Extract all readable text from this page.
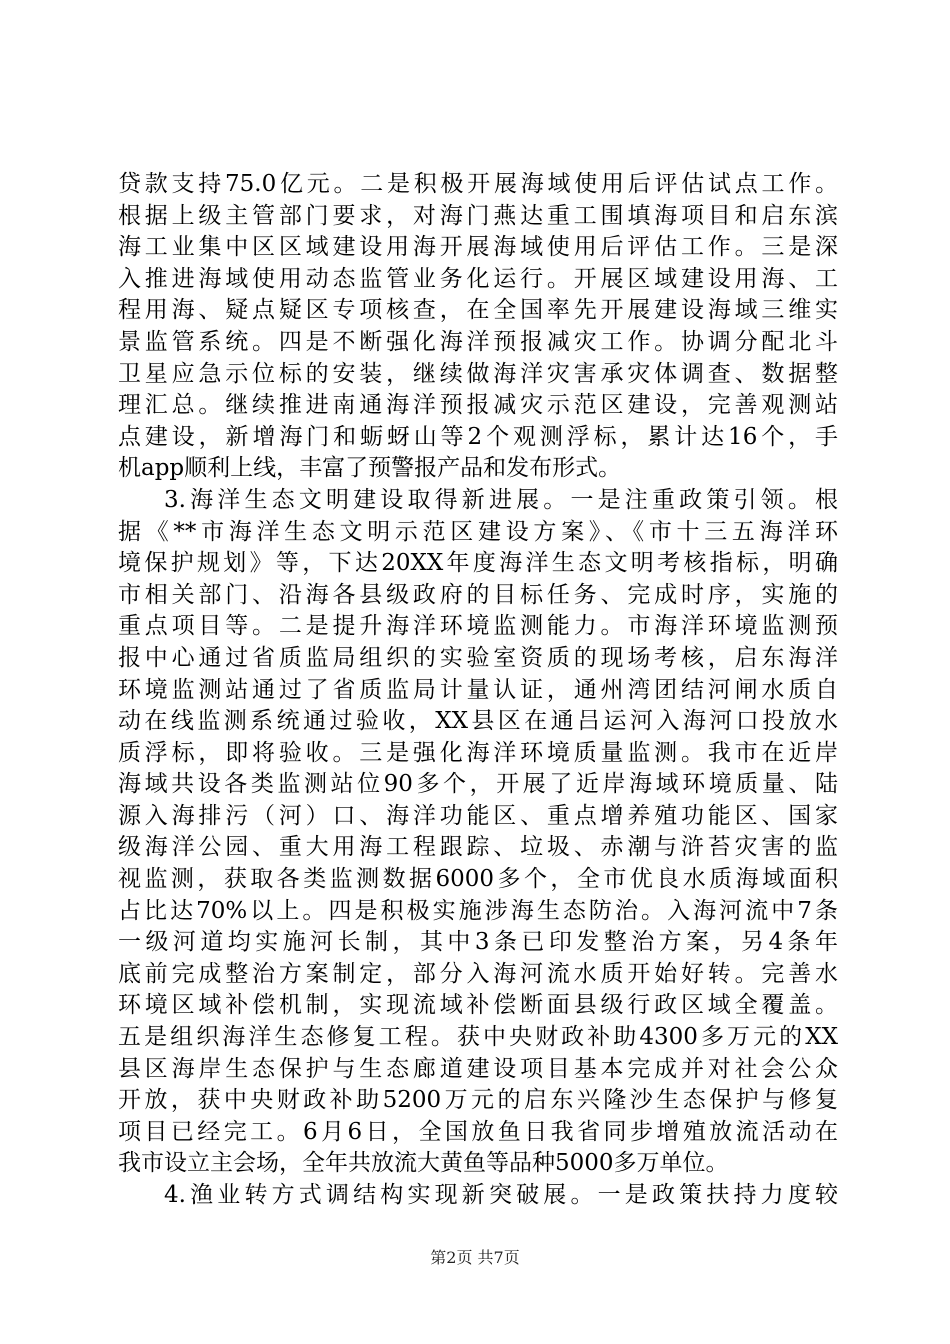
贷款支持75.0亿元。二是积极开展海域使用后评估试点工作。
根据上级主管部门要求，对海门燕达重工围填海项目和启东滨
海工业集中区区域建设用海开展海域使用后评估工作。三是深
入推进海域使用动态监管业务化运行。开展区域建设用海、工
程用海、疑点疑区专项核查，在全国率先开展建设海域三维实
景监管系统。四是不断强化海洋预报减灾工作。协调分配北斗
卫星应急示位标的安装，继续做海洋灾害承灾体调查、数据整
理汇总。继续推进南通海洋预报减灾示范区建设，完善观测站
点建设，新增海门和蛎蚜山等2个观测浮标，累计达16个，手
机app顺利上线，丰富了预警报产品和发布形式。
3.海洋生态文明建设取得新进展。一是注重政策引领。根
据《**市海洋生态文明示范区建设方案》、《市十三五海洋环
境保护规划》等，下达20XX年度海洋生态文明考核指标，明确
市相关部门、沿海各县级政府的目标任务、完成时序，实施的
重点项目等。二是提升海洋环境监测能力。市海洋环境监测预
报中心通过省质监局组织的实验室资质的现场考核，启东海洋
环境监测站通过了省质监局计量认证，通州湾团结河闸水质自
动在线监测系统通过验收，XX县区在通吕运河入海河口投放水
质浮标，即将验收。三是强化海洋环境质量监测。我市在近岸
海域共设各类监测站位90多个，开展了近岸海域环境质量、陆
源入海排污（河）口、海洋功能区、重点增养殖功能区、国家
级海洋公园、重大用海工程跟踪、垃圾、赤潮与浒苔灾害的监
视监测，获取各类监测数据6000多个，全市优良水质海域面积
占比达70%以上。四是积极实施涉海生态防治。入海河流中7条
一级河道均实施河长制，其中3条已印发整治方案，另4条年
底前完成整治方案制定，部分入海河流水质开始好转。完善水
环境区域补偿机制，实现流域补偿断面县级行政区域全覆盖。
五是组织海洋生态修复工程。获中央财政补助4300多万元的XX
县区海岸生态保护与生态廊道建设项目基本完成并对社会公众
开放，获中央财政补助5200万元的启东兴隆沙生态保护与修复
项目已经完工。6月6日，全国放鱼日我省同步增殖放流活动在
我市设立主会场，全年共放流大黄鱼等品种5000多万单位。
4.渔业转方式调结构实现新突破展。一是政策扶持力度较
第2页 共7页
